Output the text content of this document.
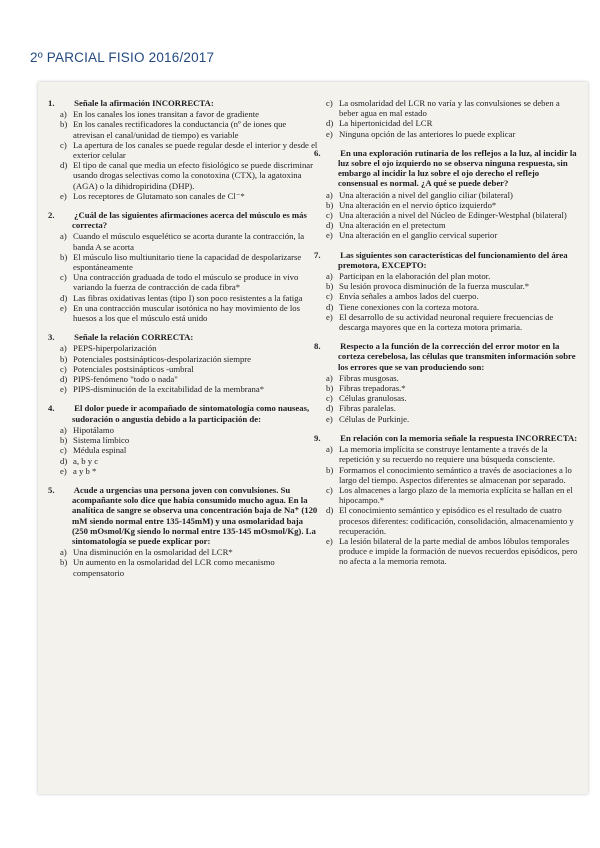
2º PARCIAL FISIO 2016/2017
1. Señale la afirmación INCORRECTA:
a) En los canales los iones transitan a favor de gradiente
b) En los canales rectificadores la conductancia (nº de iones que atrevisan el canal/unidad de tiempo) es variable
c) La apertura de los canales se puede regular desde el interior y desde el exterior celular
d) El tipo de canal que media un efecto fisiológico se puede discriminar usando drogas selectivas como la conotoxina (CTX), la agatoxina (AGA) o la dihidropiridina (DHP).
e) Los receptores de Glutamato son canales de Cl⁻*
2. ¿Cuál de las siguientes afirmaciones acerca del músculo es más correcta?
a) Cuando el músculo esquelético se acorta durante la contracción, la banda A se acorta
b) El músculo liso multiunitario tiene la capacidad de despolarizarse espontáneamente
c) Una contracción graduada de todo el músculo se produce in vivo variando la fuerza de contracción de cada fibra*
d) Las fibras oxidativas lentas (tipo I) son poco resistentes a la fatiga
e) En una contracción muscular isotónica no hay movimiento de los huesos a los que el músculo está unido
3. Señale la relación CORRECTA:
a) PEPS-hiperpolarización
b) Potenciales postsinápticos-despolarización siempre
c) Potenciales postsinápticos -umbral
d) PIPS-fenómeno "todo o nada"
e) PIPS-disminución de la excitabilidad de la membrana*
4. El dolor puede ir acompañado de sintomatología como nauseas, sudoración o angustia debido a la participación de:
a) Hipotálamo
b) Sistema límbico
c) Médula espinal
d) a, b y c
e) a y b *
5. Acude a urgencias una persona joven con convulsiones. Su acompañante solo dice que había consumido mucho agua. En la analítica de sangre se observa una concentración baja de Na⁺ (120 mM siendo normal entre 135-145mM) y una osmolaridad baja (250 mOsmol/Kg siendo lo normal entre 135-145 mOsmol/Kg). La sintomatología se puede explicar por:
a) Una disminución en la osmolaridad del LCR*
b) Un aumento en la osmolaridad del LCR como mecanismo compensatorio
c) La osmolaridad del LCR no varía y las convulsiones se deben a beber agua en mal estado
d) La hipertonicidad del LCR
e) Ninguna opción de las anteriores lo puede explicar
6. En una exploración rutinaria de los reflejos a la luz, al incidir la luz sobre el ojo izquierdo no se observa ninguna respuesta, sin embargo al incidir la luz sobre el ojo derecho el reflejo consensual es normal. ¿A qué se puede deber?
a) Una alteración a nivel del ganglio ciliar (bilateral)
b) Una alteración en el nervio óptico izquierdo*
c) Una alteración a nivel del Núcleo de Edinger-Westphal (bilateral)
d) Una alteración en el pretectum
e) Una alteración en el ganglio cervical superior
7. Las siguientes son características del funcionamiento del área premotora, EXCEPTO:
a) Participan en la elaboración del plan motor.
b) Su lesión provoca disminución de la fuerza muscular.*
c) Envía señales a ambos lados del cuerpo.
d) Tiene conexiones con la corteza motora.
e) El desarrollo de su actividad neuronal requiere frecuencias de descarga mayores que en la corteza motora primaria.
8. Respecto a la función de la corrección del error motor en la corteza cerebelosa, las células que transmiten información sobre los errores que se van produciendo son:
a) Fibras musgosas.
b) Fibras trepadoras.*
c) Células granulosas.
d) Fibras paralelas.
e) Células de Purkinje.
9. En relación con la memoria señale la respuesta INCORRECTA:
a) La memoria implícita se construye lentamente a través de la repetición y su recuerdo no requiere una búsqueda consciente.
b) Formamos el conocimiento semántico a través de asociaciones a lo largo del tiempo. Aspectos diferentes se almacenan por separado.
c) Los almacenes a largo plazo de la memoria explícita se hallan en el hipocampo.*
d) El conocimiento semántico y episódico es el resultado de cuatro procesos diferentes: codificación, consolidación, almacenamiento y recuperación.
e) La lesión bilateral de la parte medial de ambos lóbulos temporales produce e impide la formación de nuevos recuerdos episódicos, pero no afecta a la memoria remota.
